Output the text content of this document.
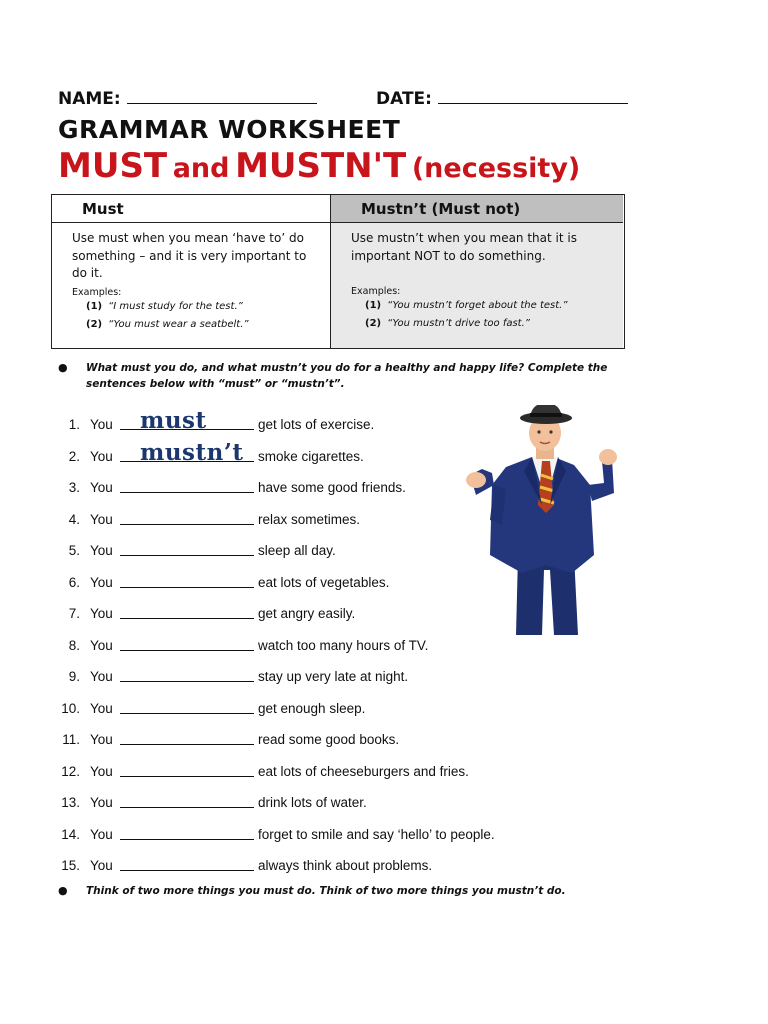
NAME:	DATE:
GRAMMAR WORKSHEET
MUST and MUSTN'T (necessity)
Must
Use must when you mean ‘have to’ do something – and it is very important to do it.
Examples:
(1) “I must study for the test.”
(2) “You must wear a seatbelt.”
Mustn’t (Must not)
Use mustn’t when you mean that it is important NOT to do something.
Examples:
(1) “You mustn’t forget about the test.”
(2) “You mustn’t drive too fast.”
● What must you do, and what mustn’t you do for a healthy and happy life? Complete the
sentences below with “must” or “mustn’t”.
1. You must	get lots of exercise.
2. You mustn’t smoke cigarettes.
3. You	have some good friends.
4. You	relax sometimes.
5. You	sleep all day.
6. You	eat lots of vegetables.
7. You	get angry easily.
8. You	watch too many hours of TV.
9. You	stay up very late at night.
10. You	get enough sleep.
11. You	read some good books.
12. You	eat lots of cheeseburgers and fries.
13. You	drink lots of water.
14. You	forget to smile and say ‘hello’ to people.
15. You	always think about problems.
● Think of two more things you must do. Think of two more things you mustn’t do.
